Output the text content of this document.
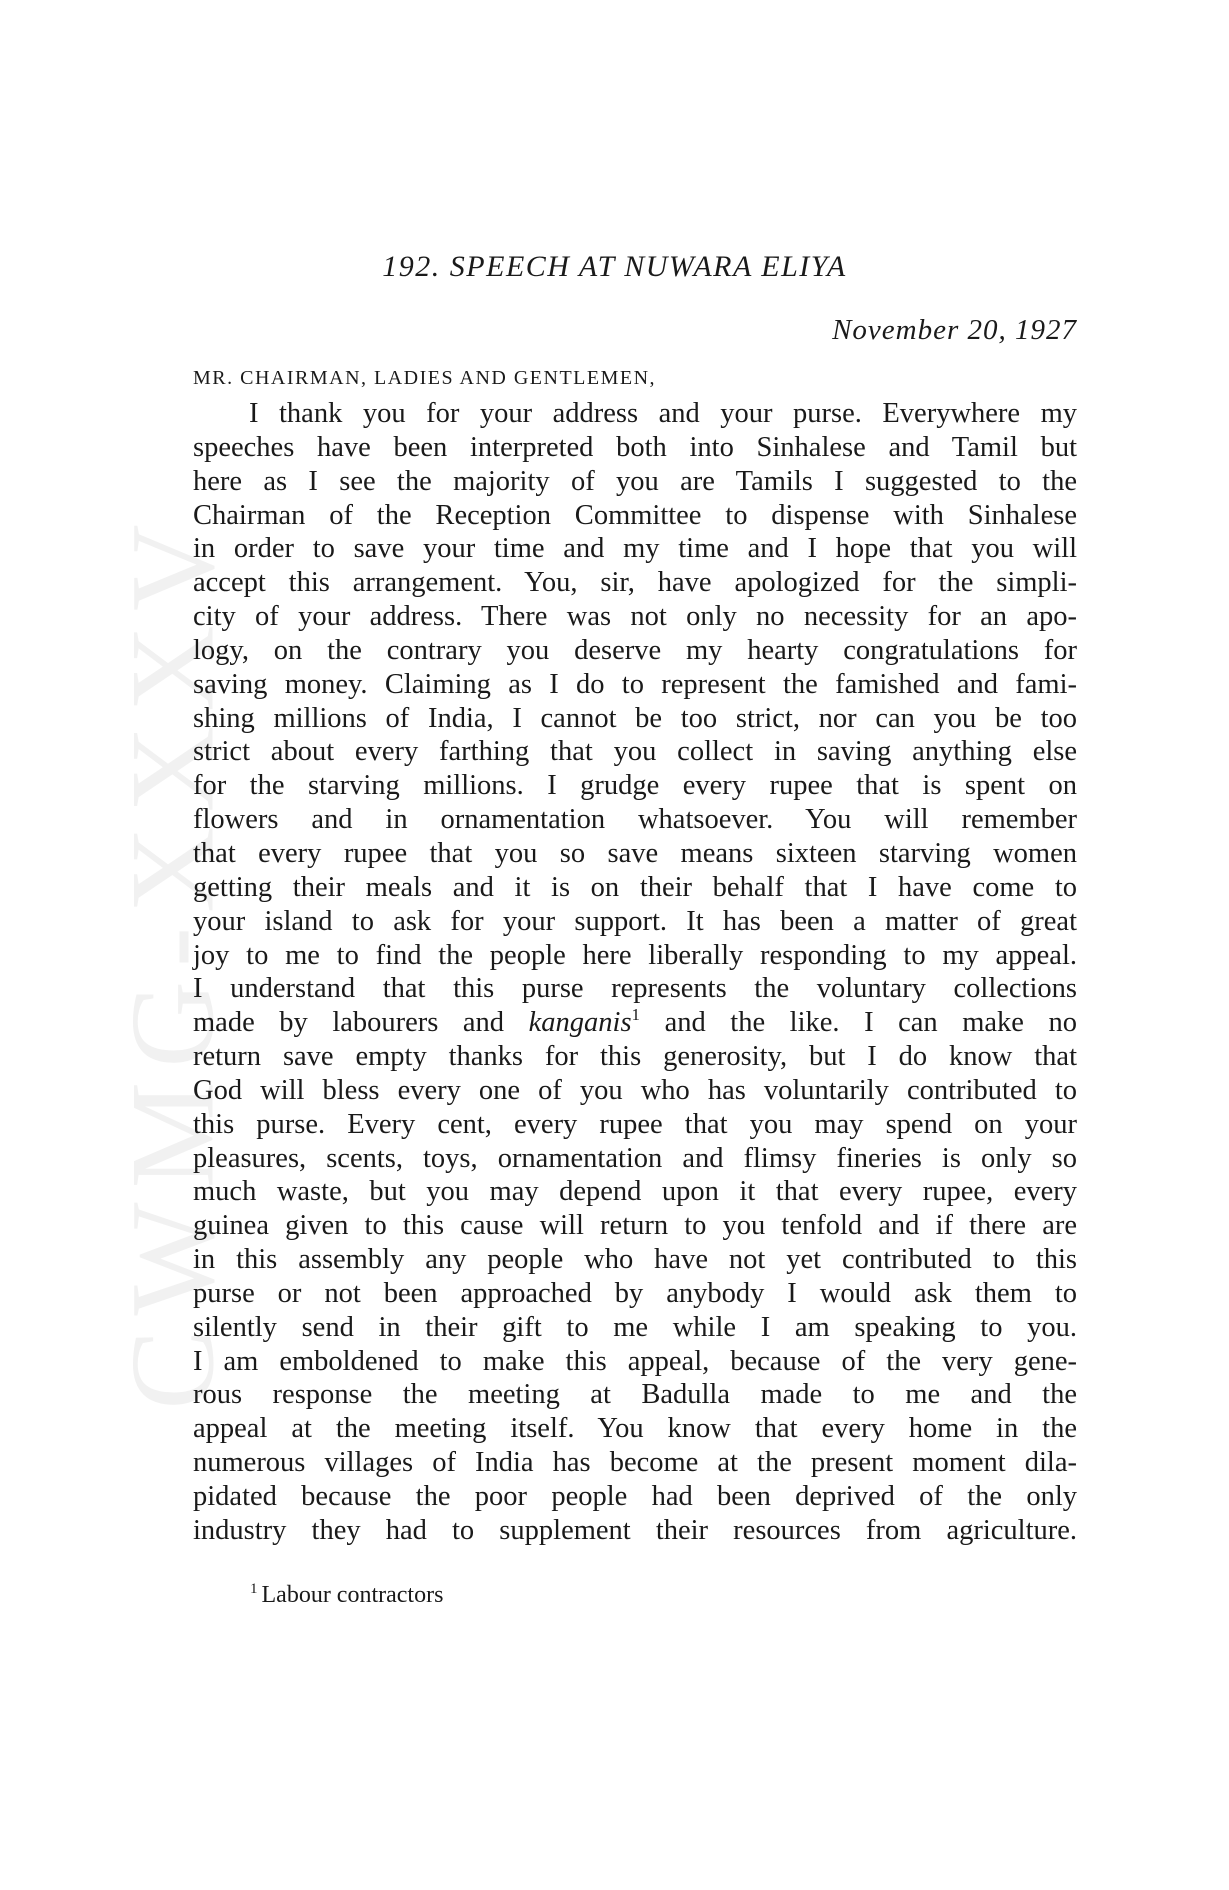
CWMG-XXXV
192. SPEECH AT NUWARA ELIYA
November 20, 1927
MR. CHAIRMAN, LADIES AND GENTLEMEN,
I thank you for your address and your purse. Everywhere my
speeches have been interpreted both into Sinhalese and Tamil but
here as I see the majority of you are Tamils I suggested to the
Chairman of the Reception Committee to dispense with Sinhalese
in order to save your time and my time and I hope that you will
accept this arrangement. You, sir, have apologized for the simpli-
city of your address. There was not only no necessity for an apo-
logy, on the contrary you deserve my hearty congratulations for
saving money. Claiming as I do to represent the famished and fami-
shing millions of India, I cannot be too strict, nor can you be too
strict about every farthing that you collect in saving anything else
for the starving millions. I grudge every rupee that is spent on
flowers and in ornamentation whatsoever. You will remember
that every rupee that you so save means sixteen starving women
getting their meals and it is on their behalf that I have come to
your island to ask for your support. It has been a matter of great
joy to me to find the people here liberally responding to my appeal.
I understand that this purse represents the voluntary collections
made by labourers and kanganis$^1$ and the like. I can make no
return save empty thanks for this generosity, but I do know that
God will bless every one of you who has voluntarily contributed to
this purse. Every cent, every rupee that you may spend on your
pleasures, scents, toys, ornamentation and flimsy fineries is only so
much waste, but you may depend upon it that every rupee, every
guinea given to this cause will return to you tenfold and if there are
in this assembly any people who have not yet contributed to this
purse or not been approached by anybody I would ask them to
silently send in their gift to me while I am speaking to you.
I am emboldened to make this appeal, because of the very gene-
rous response the meeting at Badulla made to me and the
appeal at the meeting itself. You know that every home in the
numerous villages of India has become at the present moment dila-
pidated because the poor people had been deprived of the only
industry they had to supplement their resources from agriculture.
$^1$ Labour contractors
